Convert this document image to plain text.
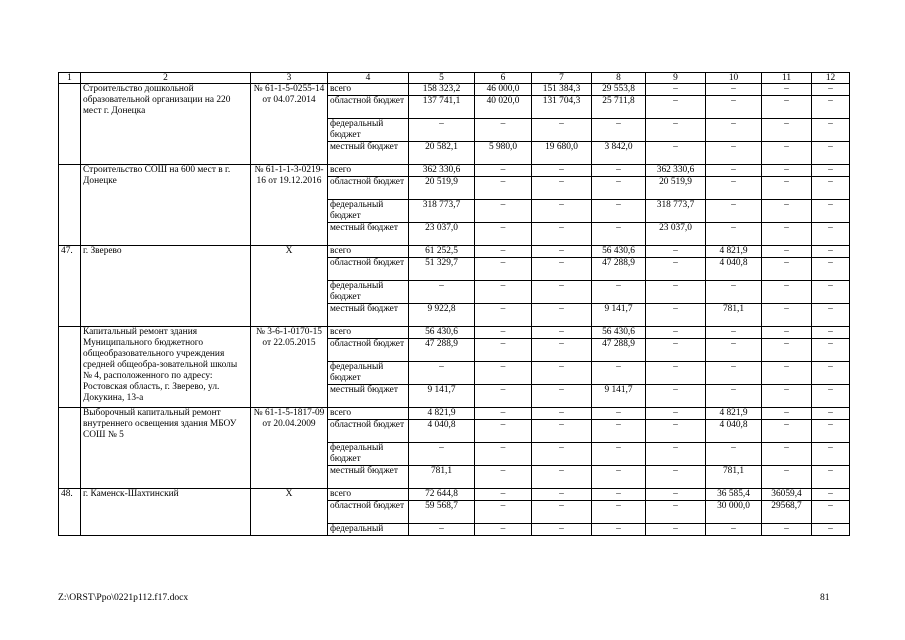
1	2	3	4	5	6	7	8	9	10	11	12
	Строительство дошкольной образовательной организации на 220 мест г. Донецка	№ 61-1-5-0255-14 от 04.07.2014	всего	158 323,2	46 000,0	151 384,3	29 553,8	–	–	–	–
			областной бюджет	137 741,1	40 020,0	131 704,3	25 711,8	–	–	–	–
			федеральный бюджет	–	–	–	–	–	–	–	–
			местный бюджет	20 582,1	5 980,0	19 680,0	3 842,0	–	–	–	–
	Строительство СОШ на 600 мест в г. Донецке	№ 61-1-1-3-0219-16 от 19.12.2016	всего	362 330,6	–	–	–	362 330,6	–	–	–
			областной бюджет	20 519,9	–	–	–	20 519,9	–	–	–
			федеральный бюджет	318 773,7	–	–	–	318 773,7	–	–	–
			местный бюджет	23 037,0	–	–	–	23 037,0	–	–	–
47.	г. Зверево	X	всего	61 252,5	–	–	56 430,6	–	4 821,9	–	–
			областной бюджет	51 329,7	–	–	47 288,9	–	4 040,8	–	–
			федеральный бюджет	–	–	–	–	–	–	–	–
			местный бюджет	9 922,8	–	–	9 141,7	–	781,1	–	–
	Капитальный ремонт здания Муниципального бюджетного общеобразовательного учреждения средней общеобра-зовательной школы № 4, расположенного по адресу: Ростовская область, г. Зверево, ул. Докукина, 13-а	№ 3-6-1-0170-15 от 22.05.2015	всего	56 430,6	–	–	56 430,6	–	–	–	–
			областной бюджет	47 288,9	–	–	47 288,9	–	–	–	–
			федеральный бюджет	–	–	–	–	–	–	–	–
			местный бюджет	9 141,7	–	–	9 141,7	–	–	–	–
	Выборочный капитальный ремонт внутреннего освещения здания МБОУ СОШ № 5	№ 61-1-5-1817-09 от 20.04.2009	всего	4 821,9	–	–	–	–	4 821,9	–	–
			областной бюджет	4 040,8	–	–	–	–	4 040,8	–	–
			федеральный бюджет	–	–	–	–	–	–	–	–
			местный бюджет	781,1	–	–	–	–	781,1	–	–
48.	г. Каменск-Шахтинский	X	всего	72 644,8	–	–	–	–	36 585,4	36059,4	–
			областной бюджет	59 568,7	–	–	–	–	30 000,0	29568,7	–
			федеральный	–	–	–	–	–	–	–	–
Z:\ORST\Ppo\0221p112.f17.docx	81
